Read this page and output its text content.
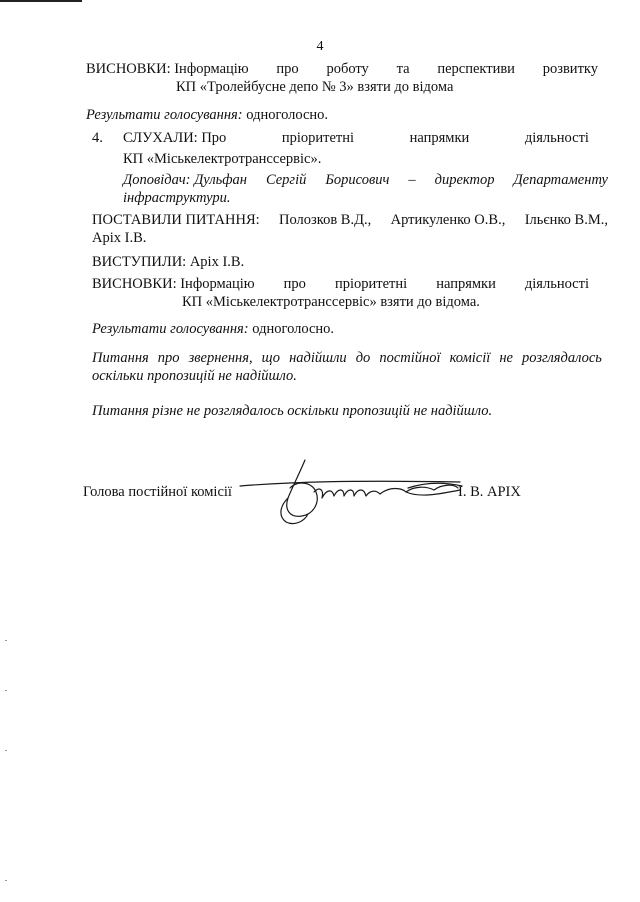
4
ВИСНОВКИ: Інформацію про роботу та перспективи розвитку
КП «Тролейбусне депо № 3» взяти до відома
Результати голосування: одноголосно.
4. СЛУХАЛИ: Про	пріоритетні	напрямки	діяльності
КП «Міськелектротранссервіс».
Доповідач: Дульфан Сергій Борисович – директор Департаменту
інфраструктури.
ПОСТАВИЛИ ПИТАННЯ: Полозков В.Д., Артикуленко О.В., Ільєнко В.М.,
Аріх І.В.
ВИСТУПИЛИ: Аріх І.В.
ВИСНОВКИ: Інформацію про пріоритетні напрямки діяльності
КП «Міськелектротранссервіс» взяти до відома.
Результати голосування: одноголосно.
Питання про звернення, що надійшли до постійної комісії не розглядалось
оскільки пропозицій не надійшло.
Питання різне не розглядалось оскільки пропозицій не надійшло.
Голова постійної комісії	І. В. АРІХ
